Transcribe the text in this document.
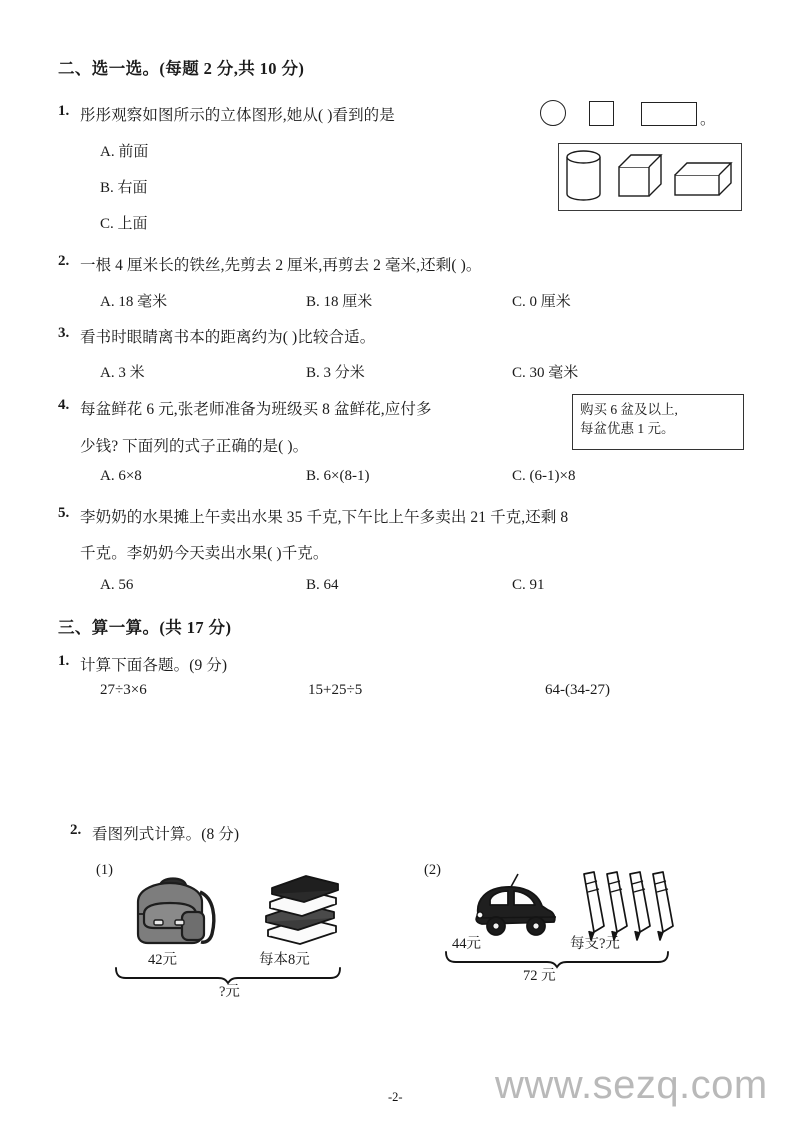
二、选一选。(每题 2 分,共 10 分)
1. 彤彤观察如图所示的立体图形,她从( )看到的是	。
A. 前面
B. 右面
C. 上面
2. 一根 4 厘米长的铁丝,先剪去 2 厘米,再剪去 2 毫米,还剩( )。
A. 18 毫米	B. 18 厘米	C. 0 厘米
3. 看书时眼睛离书本的距离约为( )比较合适。
A. 3 米	B. 3 分米	C. 30 毫米
4. 每盆鲜花 6 元,张老师准备为班级买 8 盆鲜花,应付多
少钱? 下面列的式子正确的是( )。
购买 6 盆及以上,
每盆优惠 1 元。
A. 6×8	B. 6×(8-1)	C. (6-1)×8
5. 李奶奶的水果摊上午卖出水果 35 千克,下午比上午多卖出 21 千克,还剩 8
千克。李奶奶今天卖出水果( )千克。
A. 56	B. 64	C. 91
三、算一算。(共 17 分)
1. 计算下面各题。(9 分)
27÷3×6	15+25÷5	64-(34-27)
2. 看图列式计算。(8 分)
(1)
42元	每本8元
?元
(2)
44元	每支?元
72 元
-2- www.sezq.com
